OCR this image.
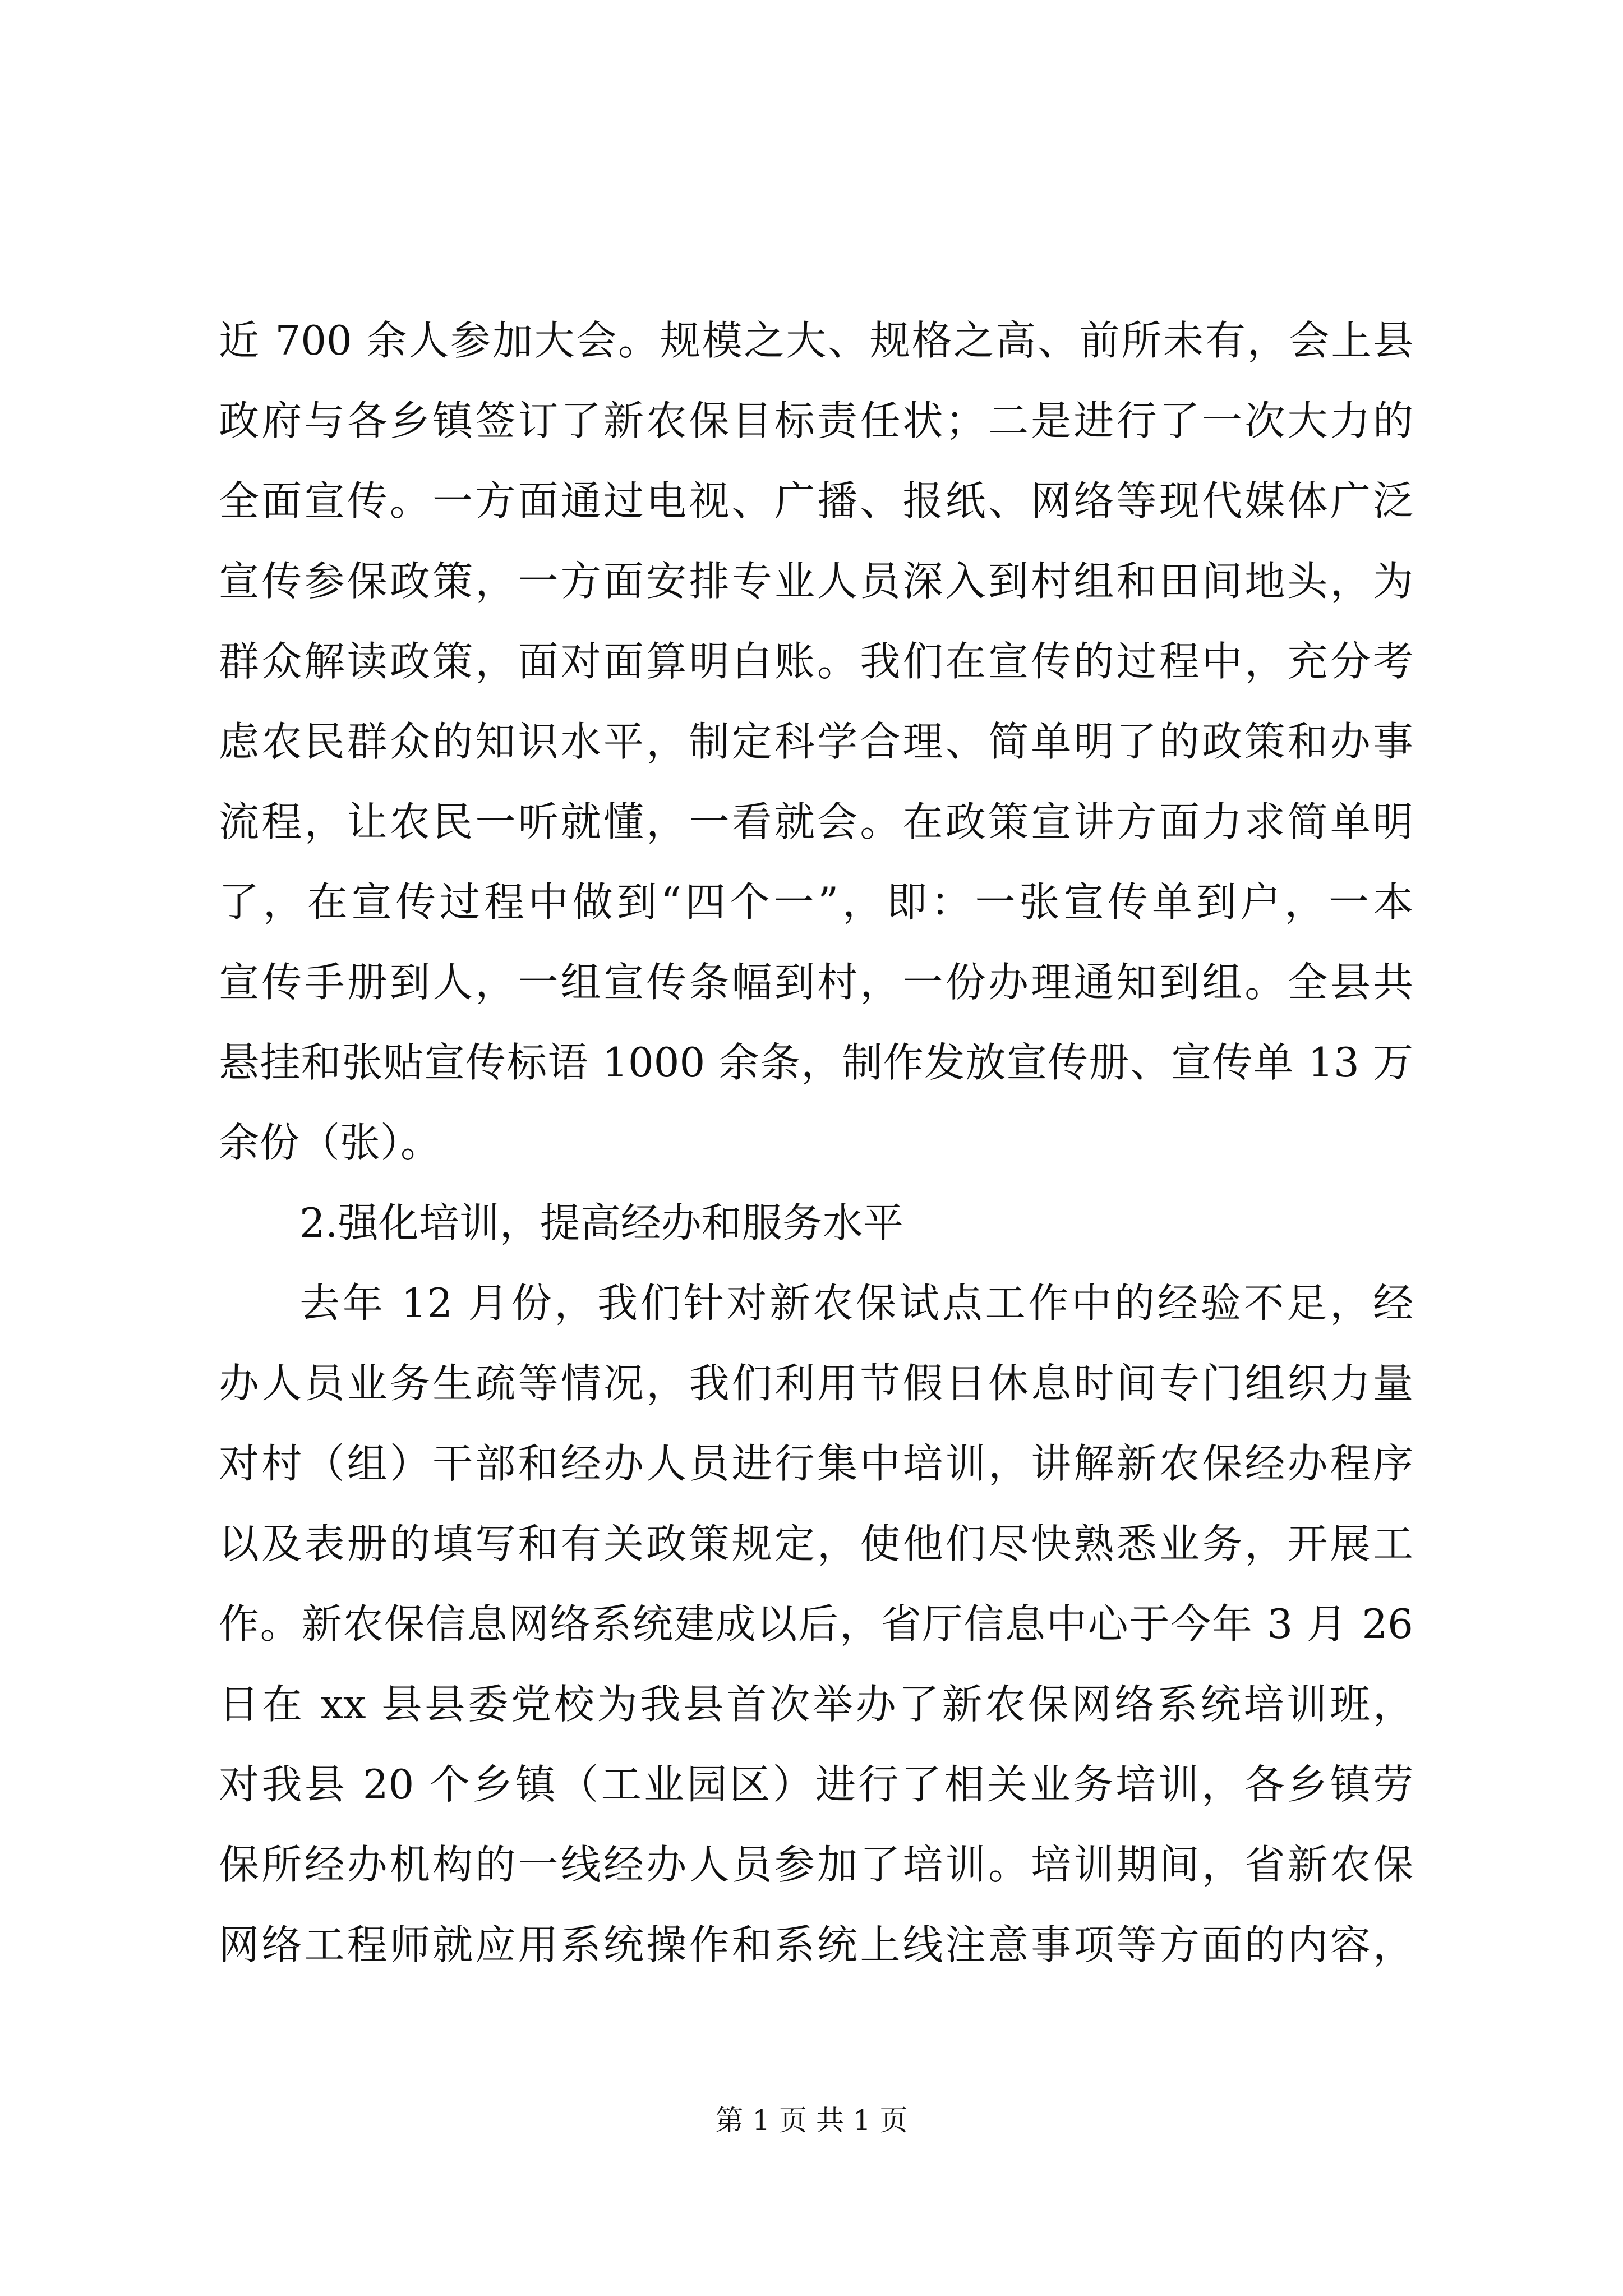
近 700 余人参加大会。规模之大、规格之高、前所未有，会上县
政府与各乡镇签订了新农保目标责任状；二是进行了一次大力的
全面宣传。一方面通过电视、广播、报纸、网络等现代媒体广泛
宣传参保政策，一方面安排专业人员深入到村组和田间地头，为
群众解读政策，面对面算明白账。我们在宣传的过程中，充分考
虑农民群众的知识水平，制定科学合理、简单明了的政策和办事
流程，让农民一听就懂，一看就会。在政策宣讲方面力求简单明
了，在宣传过程中做到“四个一”，即：一张宣传单到户，一本
宣传手册到人，一组宣传条幅到村，一份办理通知到组。全县共
悬挂和张贴宣传标语 1000 余条，制作发放宣传册、宣传单 13 万
余份（张）。
2.强化培训，提高经办和服务水平
去年 12 月份，我们针对新农保试点工作中的经验不足，经
办人员业务生疏等情况，我们利用节假日休息时间专门组织力量
对村（组）干部和经办人员进行集中培训，讲解新农保经办程序
以及表册的填写和有关政策规定，使他们尽快熟悉业务，开展工
作。新农保信息网络系统建成以后，省厅信息中心于今年 3 月 26
日在 xx 县县委党校为我县首次举办了新农保网络系统培训班，
对我县 20 个乡镇（工业园区）进行了相关业务培训，各乡镇劳
保所经办机构的一线经办人员参加了培训。培训期间，省新农保
网络工程师就应用系统操作和系统上线注意事项等方面的内容，
第 1 页 共 1 页
